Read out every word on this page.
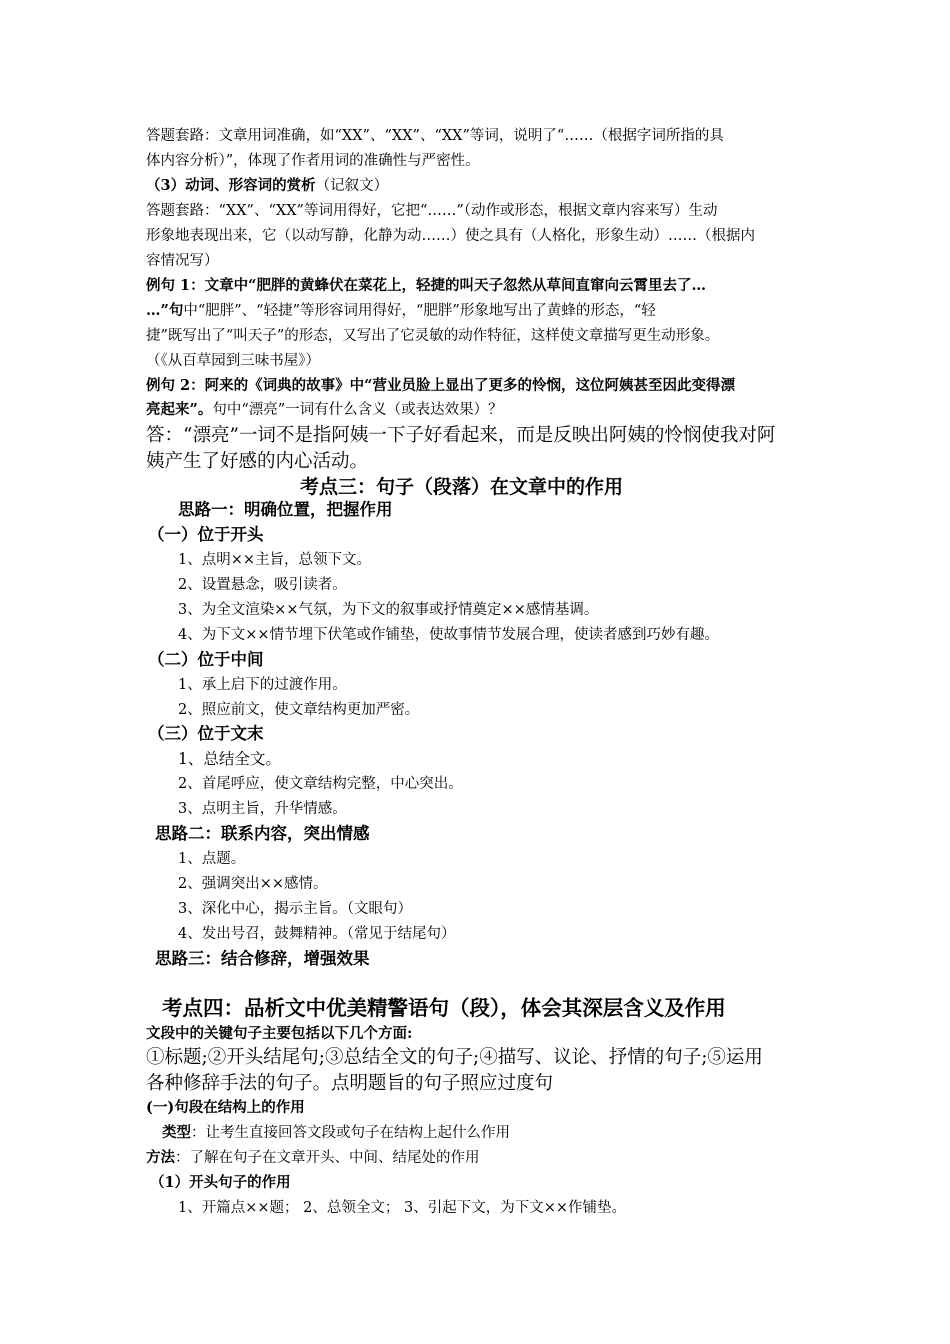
答题套路：文章用词准确，如“XX”、“XX”、“XX”等词，说明了“……（根据字词所指的具
体内容分析）”，体现了作者用词的准确性与严密性。
（3）动词、形容词的赏析（记叙文）
答题套路：“XX”、“XX”等词用得好，它把“……”（动作或形态，根据文章内容来写）生动
形象地表现出来，它（以动写静，化静为动……）使之具有（人格化，形象生动）……（根据内
容情况写）
例句 1：文章中“肥胖的黄蜂伏在菜花上，轻捷的叫天子忽然从草间直窜向云霄里去了…
…”句中“肥胖”、“轻捷”等形容词用得好，“肥胖”形象地写出了黄蜂的形态，“轻
捷”既写出了“叫天子”的形态，又写出了它灵敏的动作特征，这样使文章描写更生动形象。
（《从百草园到三味书屋》）
例句 2：阿来的《词典的故事》中“营业员脸上显出了更多的怜悯，这位阿姨甚至因此变得漂
亮起来”。句中“漂亮”一词有什么含义（或表达效果）？
答：“漂亮”一词不是指阿姨一下子好看起来，而是反映出阿姨的怜悯使我对阿
姨产生了好感的内心活动。
考点三：句子（段落）在文章中的作用
思路一：明确位置，把握作用
（一）位于开头
1、点明××主旨，总领下文。
2、设置悬念，吸引读者。
3、为全文渲染××气氛，为下文的叙事或抒情奠定××感情基调。
4、为下文××情节埋下伏笔或作铺垫，使故事情节发展合理，使读者感到巧妙有趣。
（二）位于中间
1、承上启下的过渡作用。
2、照应前文，使文章结构更加严密。
（三）位于文末
1、总结全文。
2、首尾呼应，使文章结构完整，中心突出。
3、点明主旨，升华情感。
思路二：联系内容，突出情感
1、点题。
2、强调突出××感情。
3、深化中心，揭示主旨。（文眼句）
4、发出号召，鼓舞精神。（常见于结尾句）
思路三：结合修辞，增强效果
考点四：品析文中优美精警语句（段），体会其深层含义及作用
文段中的关键句子主要包括以下几个方面:
①标题;②开头结尾句;③总结全文的句子;④描写、议论、抒情的句子;⑤运用
各种修辞手法的句子。点明题旨的句子照应过度句
(一)句段在结构上的作用
类型：让考生直接回答文段或句子在结构上起什么作用
方法：了解在句子在文章开头、中间、结尾处的作用
（1）开头句子的作用
1、开篇点××题； 2、总领全文； 3、引起下文，为下文××作铺垫。
